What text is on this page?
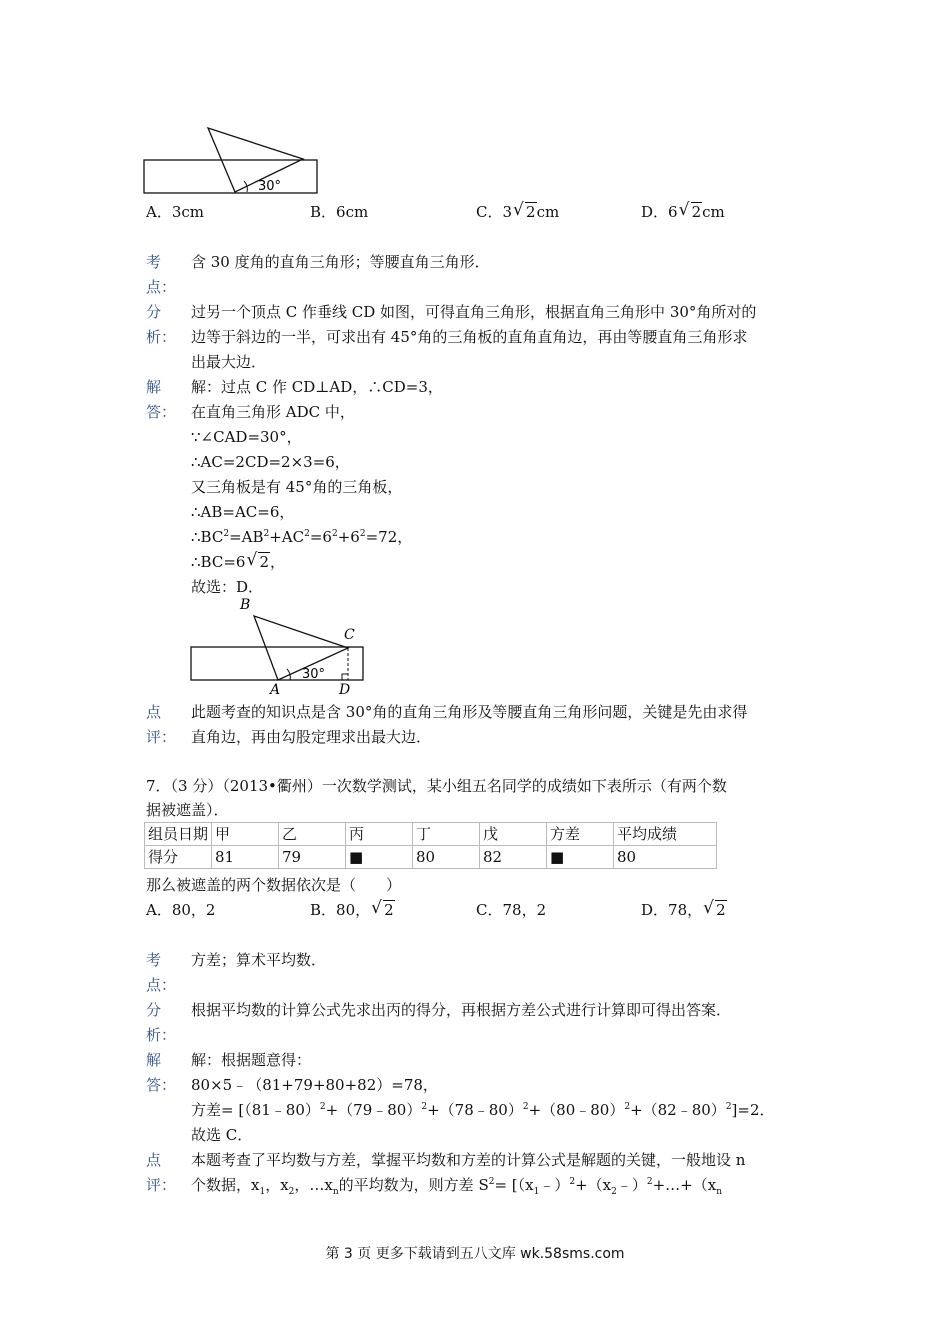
30°
A．3cm	B．6cm	C．3 √ 2cm	D．6 √ 2cm
考
点：
含 30 度角的直角三角形；等腰直角三角形．
分
析：
过另一个顶点 C 作垂线 CD 如图，可得直角三角形，根据直角三角形中 30°角所对的
边等于斜边的一半，可求出有 45°角的三角板的直角直角边，再由等腰直角三角形求
出最大边．
解
答：
解：过点 C 作 CD⊥AD，∴CD=3，
在直角三角形 ADC 中，
∵∠CAD=30°，
∴AC=2CD=2×3=6，
又三角板是有 45°角的三角板，
∴AB=AC=6，
$\therefore BC^2=AB^2+AC^2=6^2+6^2=72$，
∴BC=6 √ 2，
故选：D．
B
C
A	D
30°
点
评：
此题考查的知识点是含 30°角的直角三角形及等腰直角三角形问题，关键是先由求得
直角边，再由勾股定理求出最大边．
7．（3 分）（2013•衢州）一次数学测试，某小组五名同学的成绩如下表所示（有两个数
据被遮盖）．
组员日期	甲	乙	丙	丁	戊	方差	平均成绩
得分	81	79	■	80	82	■	80
那么被遮盖的两个数据依次是（　　）
A．80，2	B．80， √ 2	C．78，2	D．78， √ 2
考
点：
方差；算术平均数．
分
析：
根据平均数的计算公式先求出丙的得分，再根据方差公式进行计算即可得出答案．
解
答：
解：根据题意得：
80×5﹣（81+79+80+82）=78，
方差= [（81﹣80）$^2$+（79﹣80）$^2$+（78﹣80）$^2$+（80﹣80）$^2$+（82﹣80）$^2$]=2．
故选 C．
点
评：
本题考查了平均数与方差，掌握平均数和方差的计算公式是解题的关键，一般地设 n
个数据，$x_1$，$x_2$，$\dots x_n$的平均数为，则方差 $S^2=$ [$(x_1﹣)^2+(x_2﹣)^2+\dots+(x_n$
第 3 页 更多下载请到五八文库 wk.58sms.com
